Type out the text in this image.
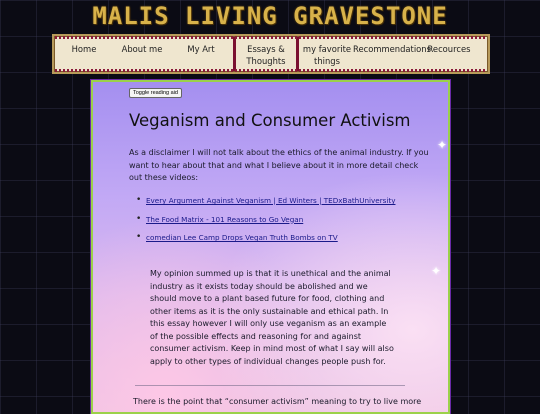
MALIS LIVING GRAVESTONE
Home	About me	My Art	Essays & Thoughts
my favorite things
Recommendations
Recources
Toggle reading aid
Veganism and Consumer Activism

As a disclaimer I will not talk about the ethics of the animal industry. If you want to hear about that and what I believe about it in more detail check out these videos:

• Every Argument Against Veganism | Ed Winters | TEDxBathUniversity
• The Food Matrix - 101 Reasons to Go Vegan
• comedian Lee Camp Drops Vegan Truth Bombs on TV

My opinion summed up is that it is unethical and the animal industry as it exists today should be abolished and we should move to a plant based future for food, clothing and other items as it is the only sustainable and ethical path. In this essay however I will only use veganism as an example of the possible effects and reasoning for and against consumer activism. Keep in mind most of what I say will also apply to other types of individual changes people push for.

There is the point that “consumer activism” meaning to try to live more

✦
✦
